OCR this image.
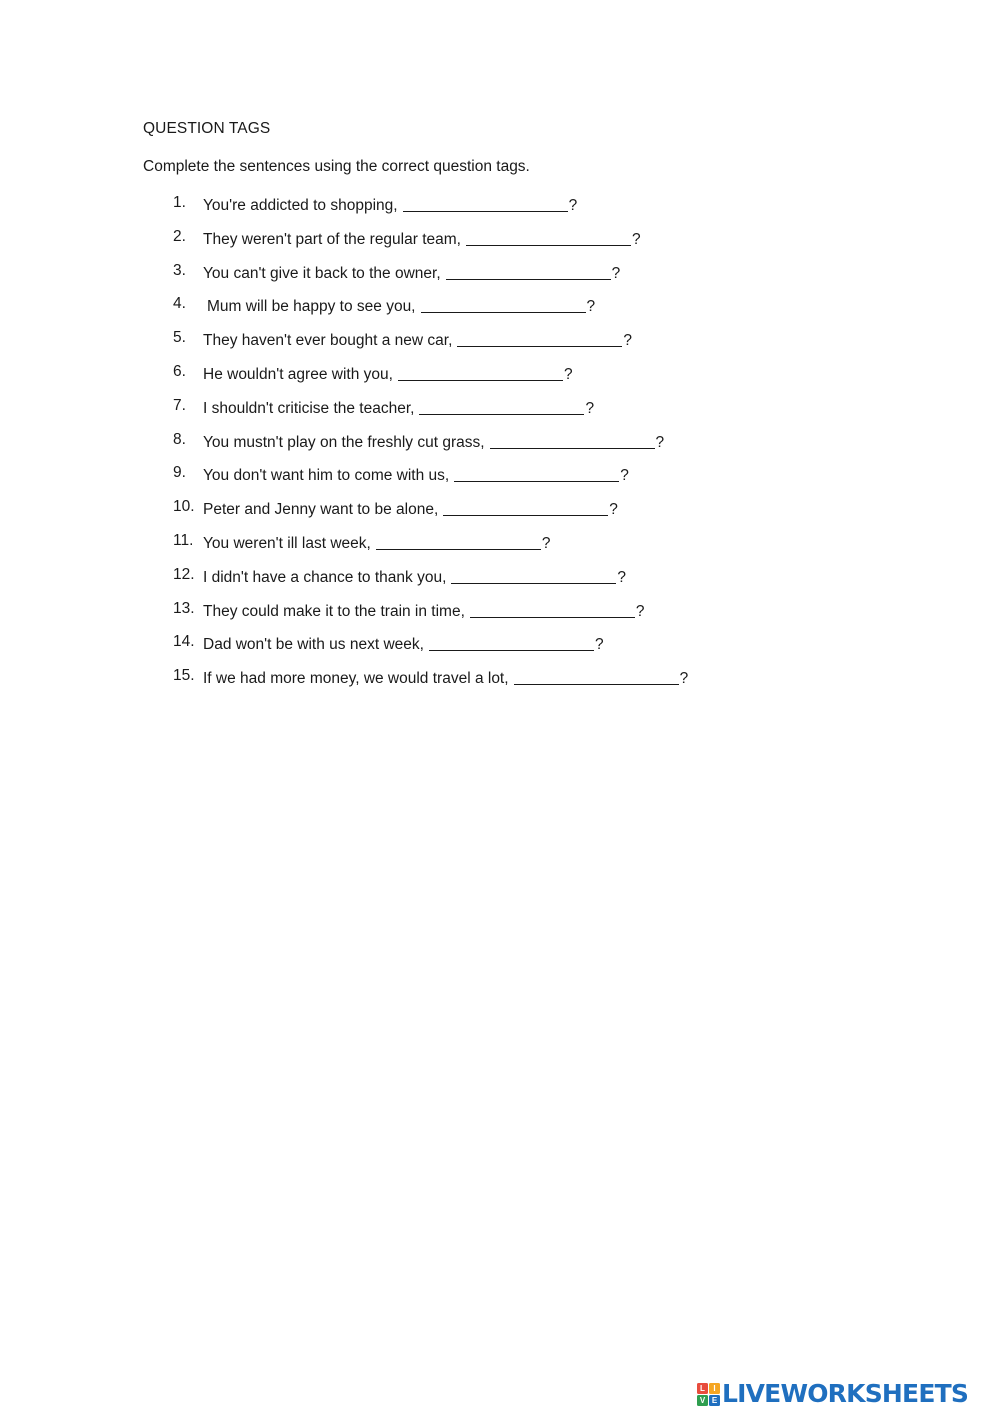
QUESTION TAGS
Complete the sentences using the correct question tags.
1. You're addicted to shopping,	?
2. They weren't part of the regular team,	?
3. You can't give it back to the owner,	?
4. Mum will be happy to see you,	?
5. They haven't ever bought a new car,	?
6. He wouldn't agree with you,	?
7. I shouldn't criticise the teacher,	?
8. You mustn't play on the freshly cut grass,	?
9. You don't want him to come with us,	?
10. Peter and Jenny want to be alone,	?
11. You weren't ill last week,	?
12. I didn't have a chance to thank you,	?
13. They could make it to the train in time,	?
14. Dad won't be with us next week,	?
15. If we had more money, we would travel a lot,	?
L	I
V E LIVEWORKSHEETS
